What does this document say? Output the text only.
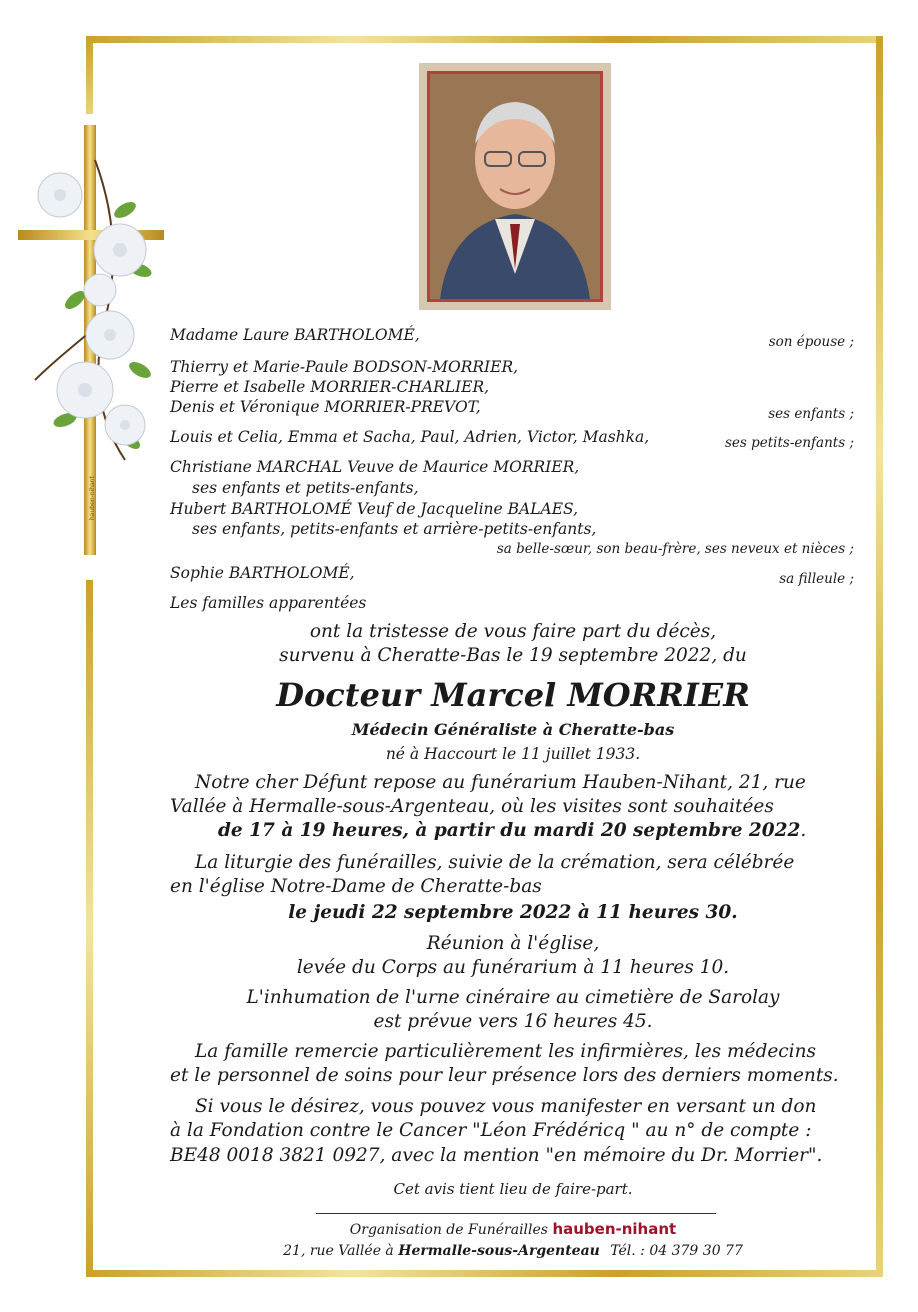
hauben-nihant
Madame Laure BARTHOLOMÉ,	son épouse ;
Thierry et Marie-Paule BODSON-MORRIER,
Pierre et Isabelle MORRIER-CHARLIER,
Denis et Véronique MORRIER-PREVOT,	ses enfants ;
Louis et Celia, Emma et Sacha, Paul, Adrien, Victor, Mashka,	ses petits-enfants ;
Christiane MARCHAL Veuve de Maurice MORRIER,
ses enfants et petits-enfants,
Hubert BARTHOLOMÉ Veuf de Jacqueline BALAES,
ses enfants, petits-enfants et arrière-petits-enfants,
sa belle-sœur, son beau-frère, ses neveux et nièces ;
Sophie BARTHOLOMÉ,	sa filleule ;
Les familles apparentées
ont la tristesse de vous faire part du décès,
survenu à Cheratte-Bas le 19 septembre 2022, du
Docteur Marcel MORRIER
Médecin Généraliste à Cheratte-bas
né à Haccourt le 11 juillet 1933.
Notre cher Défunt repose au funérarium Hauben-Nihant, 21, rue
Vallée à Hermalle-sous-Argenteau, où les visites sont souhaitées
de 17 à 19 heures, à partir du mardi 20 septembre 2022.
La liturgie des funérailles, suivie de la crémation, sera célébrée
en l'église Notre-Dame de Cheratte-bas
le jeudi 22 septembre 2022 à 11 heures 30.
Réunion à l'église,
levée du Corps au funérarium à 11 heures 10.
L'inhumation de l'urne cinéraire au cimetière de Sarolay
est prévue vers 16 heures 45.
La famille remercie particulièrement les infirmières, les médecins
et le personnel de soins pour leur présence lors des derniers moments.
Si vous le désirez, vous pouvez vous manifester en versant un don
à la Fondation contre le Cancer "Léon Frédéricq " au n° de compte :
BE48 0018 3821 0927, avec la mention "en mémoire du Dr. Morrier".
Cet avis tient lieu de faire-part.
Organisation de Funérailles hauben-nihant
21, rue Vallée à Hermalle-sous-Argenteau Tél. : 04 379 30 77
